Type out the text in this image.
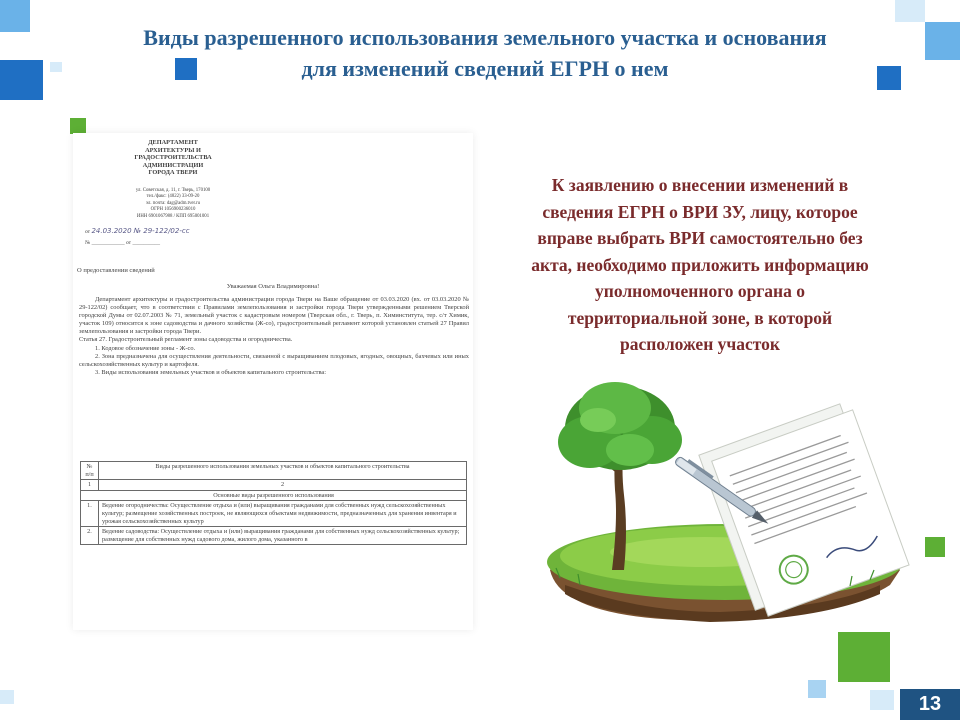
Виды разрешенного использования земельного участка и основания
для изменений сведений ЕГРН о нем
ДЕПАРТАМЕНТ
АРХИТЕКТУРЫ И
ГРАДОСТРОИТЕЛЬСТВА
АДМИНИСТРАЦИИ
ГОРОДА ТВЕРИ
ул. Советская, д. 11, г. Тверь, 170100
тел./факс: (4822) 33-09-20
эл. почта: dag@adm.tver.ru
ОГРН 1056900236010
ИНН 6901067988 / КПП 695001001
от 24.03.2020 № 29-122/02-сс
№ ____________ от __________
О предоставлении сведений
Уважаемая Ольга Владимировна!

Департамент архитектуры и градостроительства администрации города Твери на Ваше обращение от 03.03.2020 (вх. от 03.03.2020 № 29-122/02) сообщает, что в соответствии с Правилами землепользования и застройки города Твери утвержденными решением Тверской городской Думы от 02.07.2003 № 71, земельный участок с кадастровым номером (Тверская обл., г. Тверь, п. Химинститута, тер. с/т Химик, участок 109) относится к зоне садоводства и дачного хозяйства (Ж-со), градостроительный регламент которой установлен статьей 27 Правил землепользования и застройки города Твери.

Статья 27. Градостроительный регламент зоны садоводства и огородничества.

1. Кодовое обозначение зоны - Ж-со.

2. Зона предназначена для осуществления деятельности, связанной с выращиванием плодовых, ягодных, овощных, бахчевых или иных сельскохозяйственных культур и картофеля.

3. Виды использования земельных участков и объектов капитального строительства:

№ п/п	Виды разрешенного использования земельных участков и объектов капитального строительства
1	2
Основные виды разрешенного использования	
1.	Ведение огородничества: Осуществление отдыха и (или) выращивания гражданами для собственных нужд сельскохозяйственных культур; размещение хозяйственных построек, не являющихся объектами недвижимости, предназначенных для хранения инвентаря и урожая сельскохозяйственных культур
2.	Ведение садоводства: Осуществление отдыха и (или) выращивания гражданами для собственных нужд сельскохозяйственных культур; размещение для собственных нужд садового дома, жилого дома, указанного в
К заявлению о внесении изменений в
сведения ЕГРН о ВРИ ЗУ, лицу, которое
вправе выбрать ВРИ самостоятельно без
акта, необходимо приложить информацию
уполномоченного органа о
территориальной зоне, в которой
расположен участок
13
